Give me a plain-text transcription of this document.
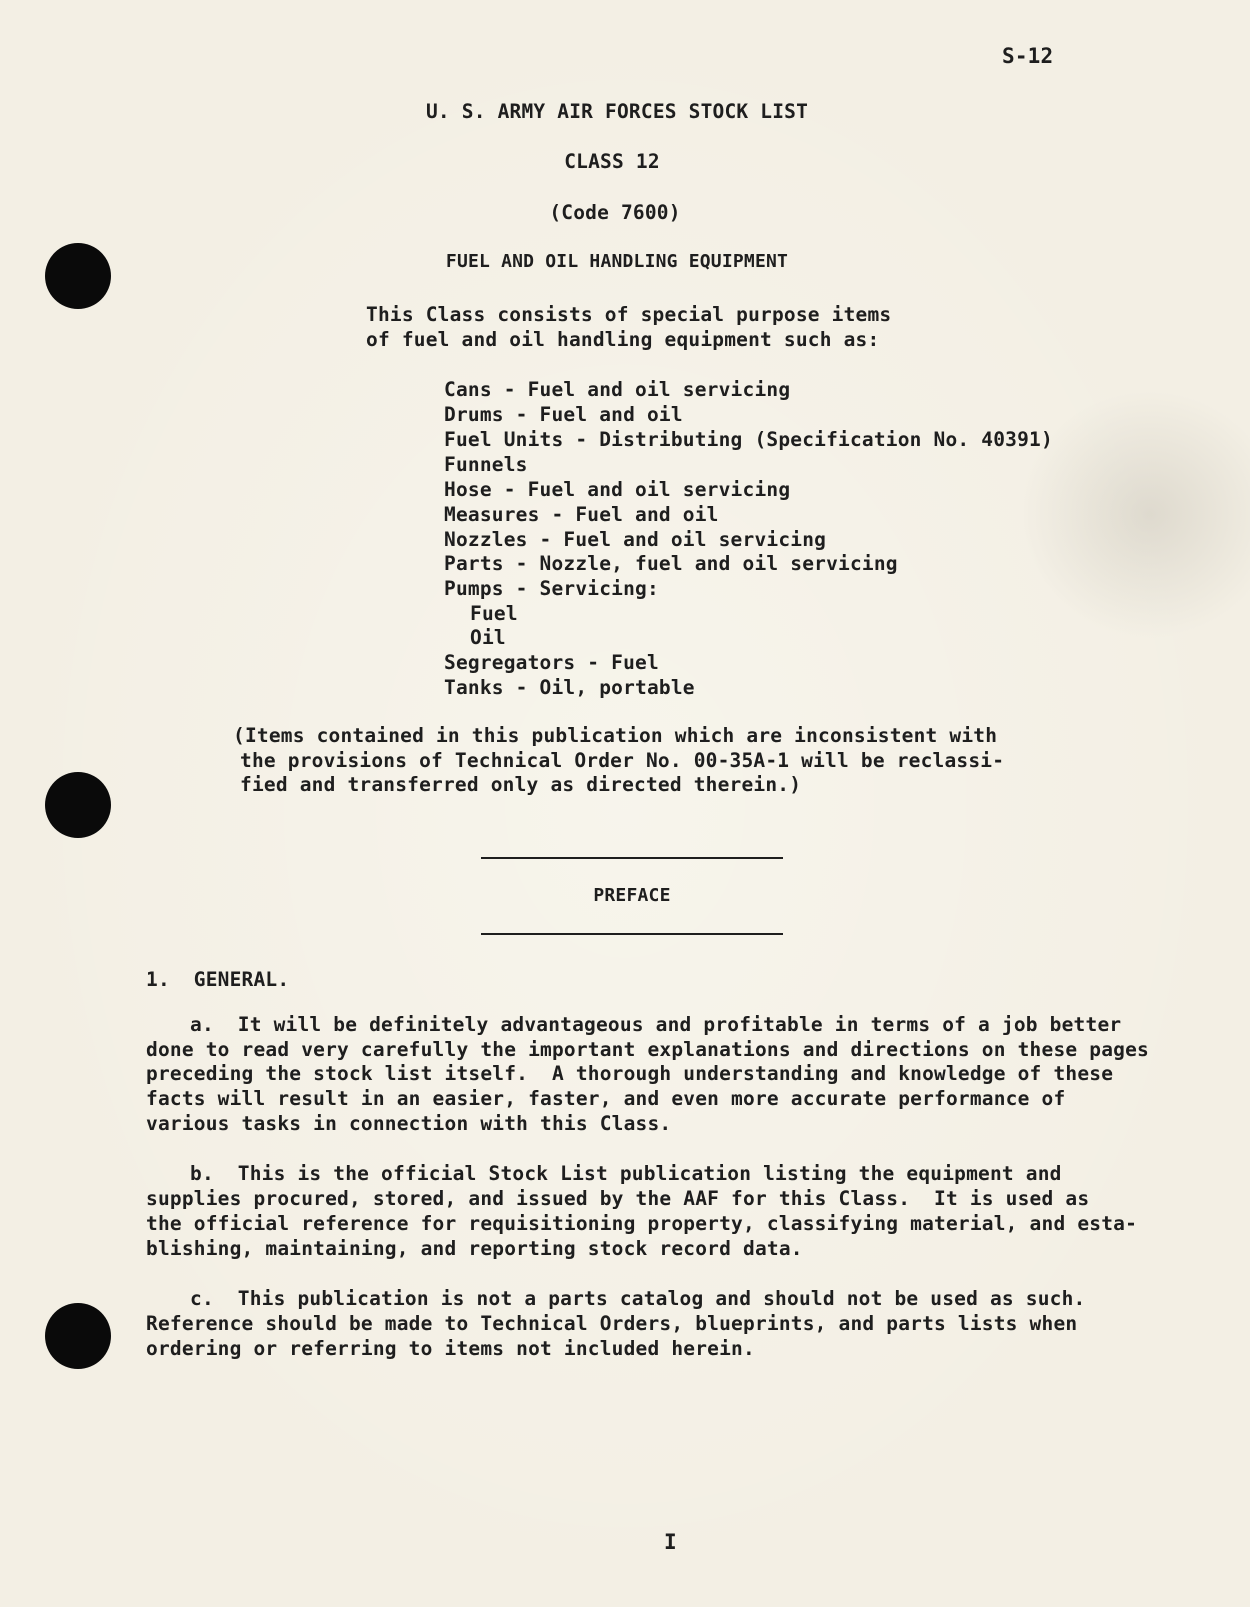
S-12
U. S. ARMY AIR FORCES STOCK LIST
CLASS 12
(Code 7600)
FUEL AND OIL HANDLING EQUIPMENT
This Class consists of special purpose items
of fuel and oil handling equipment such as:
Cans - Fuel and oil servicing
Drums - Fuel and oil
Fuel Units - Distributing (Specification No. 40391)
Funnels
Hose - Fuel and oil servicing
Measures - Fuel and oil
Nozzles - Fuel and oil servicing
Parts - Nozzle, fuel and oil servicing
Pumps - Servicing:
Fuel
Oil
Segregators - Fuel
Tanks - Oil, portable
(Items contained in this publication which are inconsistent with
the provisions of Technical Order No. 00-35A-1 will be reclassi-
fied and transferred only as directed therein.)
PREFACE
1.  GENERAL.
a.  It will be definitely advantageous and profitable in terms of a job better
done to read very carefully the important explanations and directions on these pages
preceding the stock list itself.  A thorough understanding and knowledge of these
facts will result in an easier, faster, and even more accurate performance of
various tasks in connection with this Class.
b.  This is the official Stock List publication listing the equipment and
supplies procured, stored, and issued by the AAF for this Class.  It is used as
the official reference for requisitioning property, classifying material, and esta-
blishing, maintaining, and reporting stock record data.
c.  This publication is not a parts catalog and should not be used as such.
Reference should be made to Technical Orders, blueprints, and parts lists when
ordering or referring to items not included herein.
I
